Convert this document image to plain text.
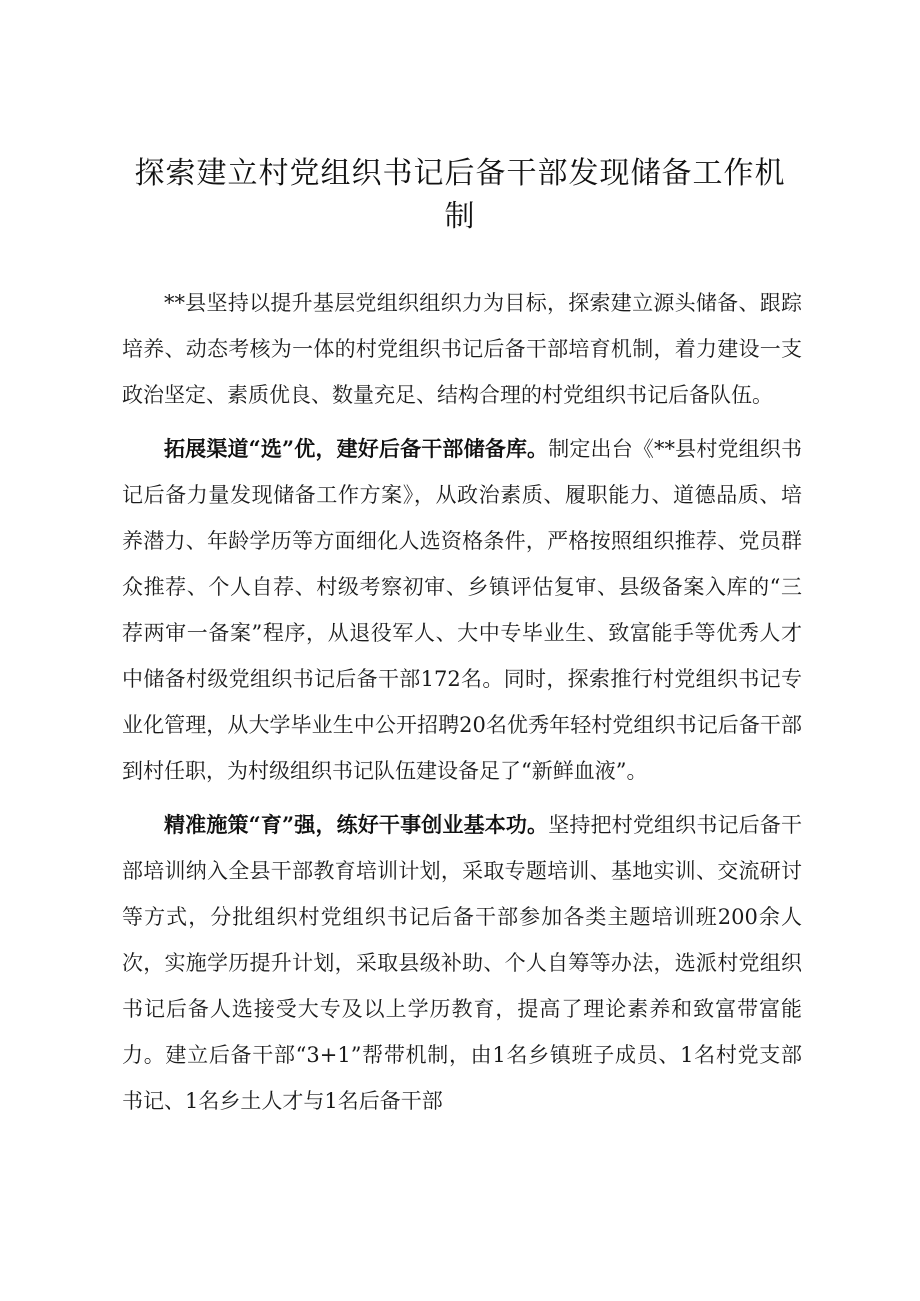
探索建立村党组织书记后备干部发现储备工作机制

**县坚持以提升基层党组织组织力为目标，探索建立源头储备、跟踪培养、动态考核为一体的村党组织书记后备干部培育机制，着力建设一支政治坚定、素质优良、数量充足、结构合理的村党组织书记后备队伍。

拓展渠道“选”优，建好后备干部储备库。制定出台《**县村党组织书记后备力量发现储备工作方案》，从政治素质、履职能力、道德品质、培养潜力、年龄学历等方面细化人选资格条件，严格按照组织推荐、党员群众推荐、个人自荐、村级考察初审、乡镇评估复审、县级备案入库的“三荐两审一备案”程序，从退役军人、大中专毕业生、致富能手等优秀人才中储备村级党组织书记后备干部172名。同时，探索推行村党组织书记专业化管理，从大学毕业生中公开招聘20名优秀年轻村党组织书记后备干部到村任职，为村级组织书记队伍建设备足了“新鲜血液”。

精准施策“育”强，练好干事创业基本功。坚持把村党组织书记后备干部培训纳入全县干部教育培训计划，采取专题培训、基地实训、交流研讨等方式，分批组织村党组织书记后备干部参加各类主题培训班200余人次，实施学历提升计划，采取县级补助、个人自筹等办法，选派村党组织书记后备人选接受大专及以上学历教育，提高了理论素养和致富带富能力。建立后备干部“3+1”帮带机制，由1名乡镇班子成员、1名村党支部书记、1名乡土人才与1名后备干部
